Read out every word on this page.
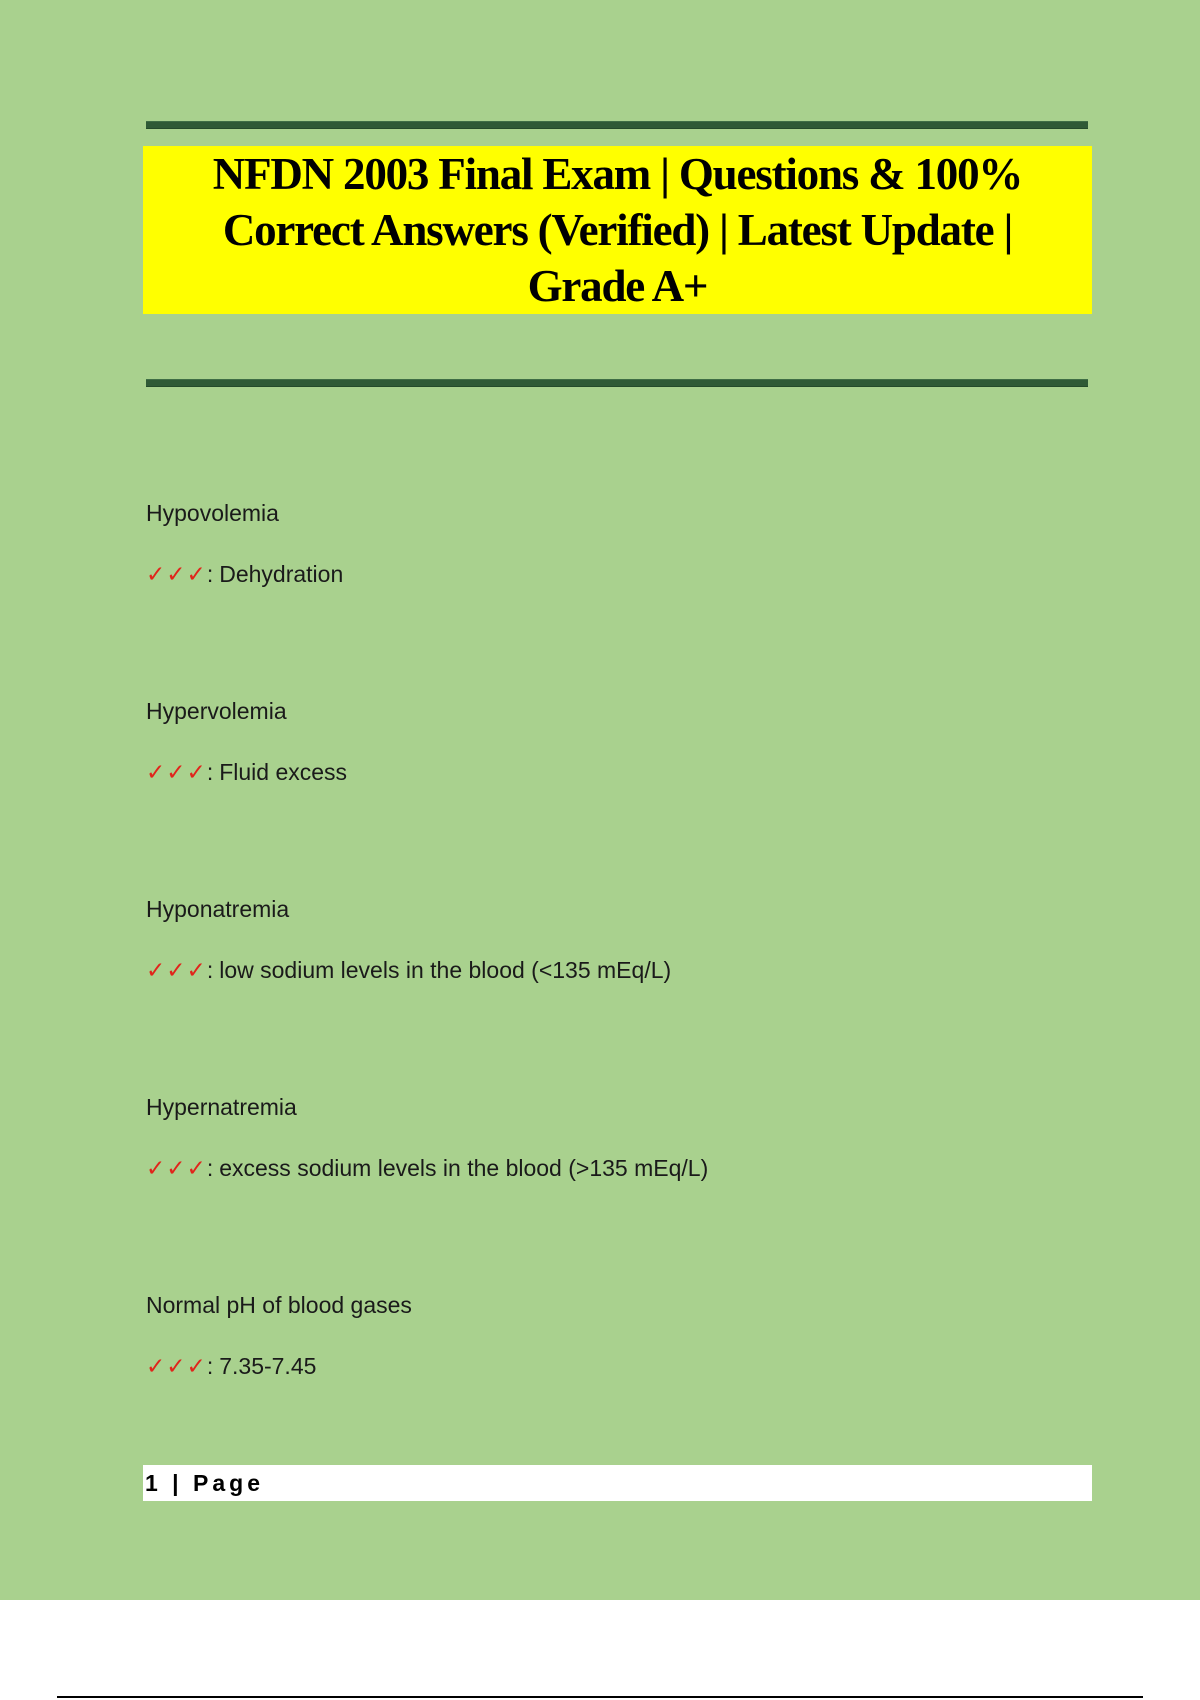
NFDN 2003 Final Exam | Questions & 100% Correct Answers (Verified) | Latest Update | Grade A+
Hypovolemia
✓✓✓: Dehydration
Hypervolemia
✓✓✓: Fluid excess
Hyponatremia
✓✓✓: low sodium levels in the blood (<135 mEq/L)
Hypernatremia
✓✓✓: excess sodium levels in the blood (>135 mEq/L)
Normal pH of blood gases
✓✓✓: 7.35-7.45
1 | Page
